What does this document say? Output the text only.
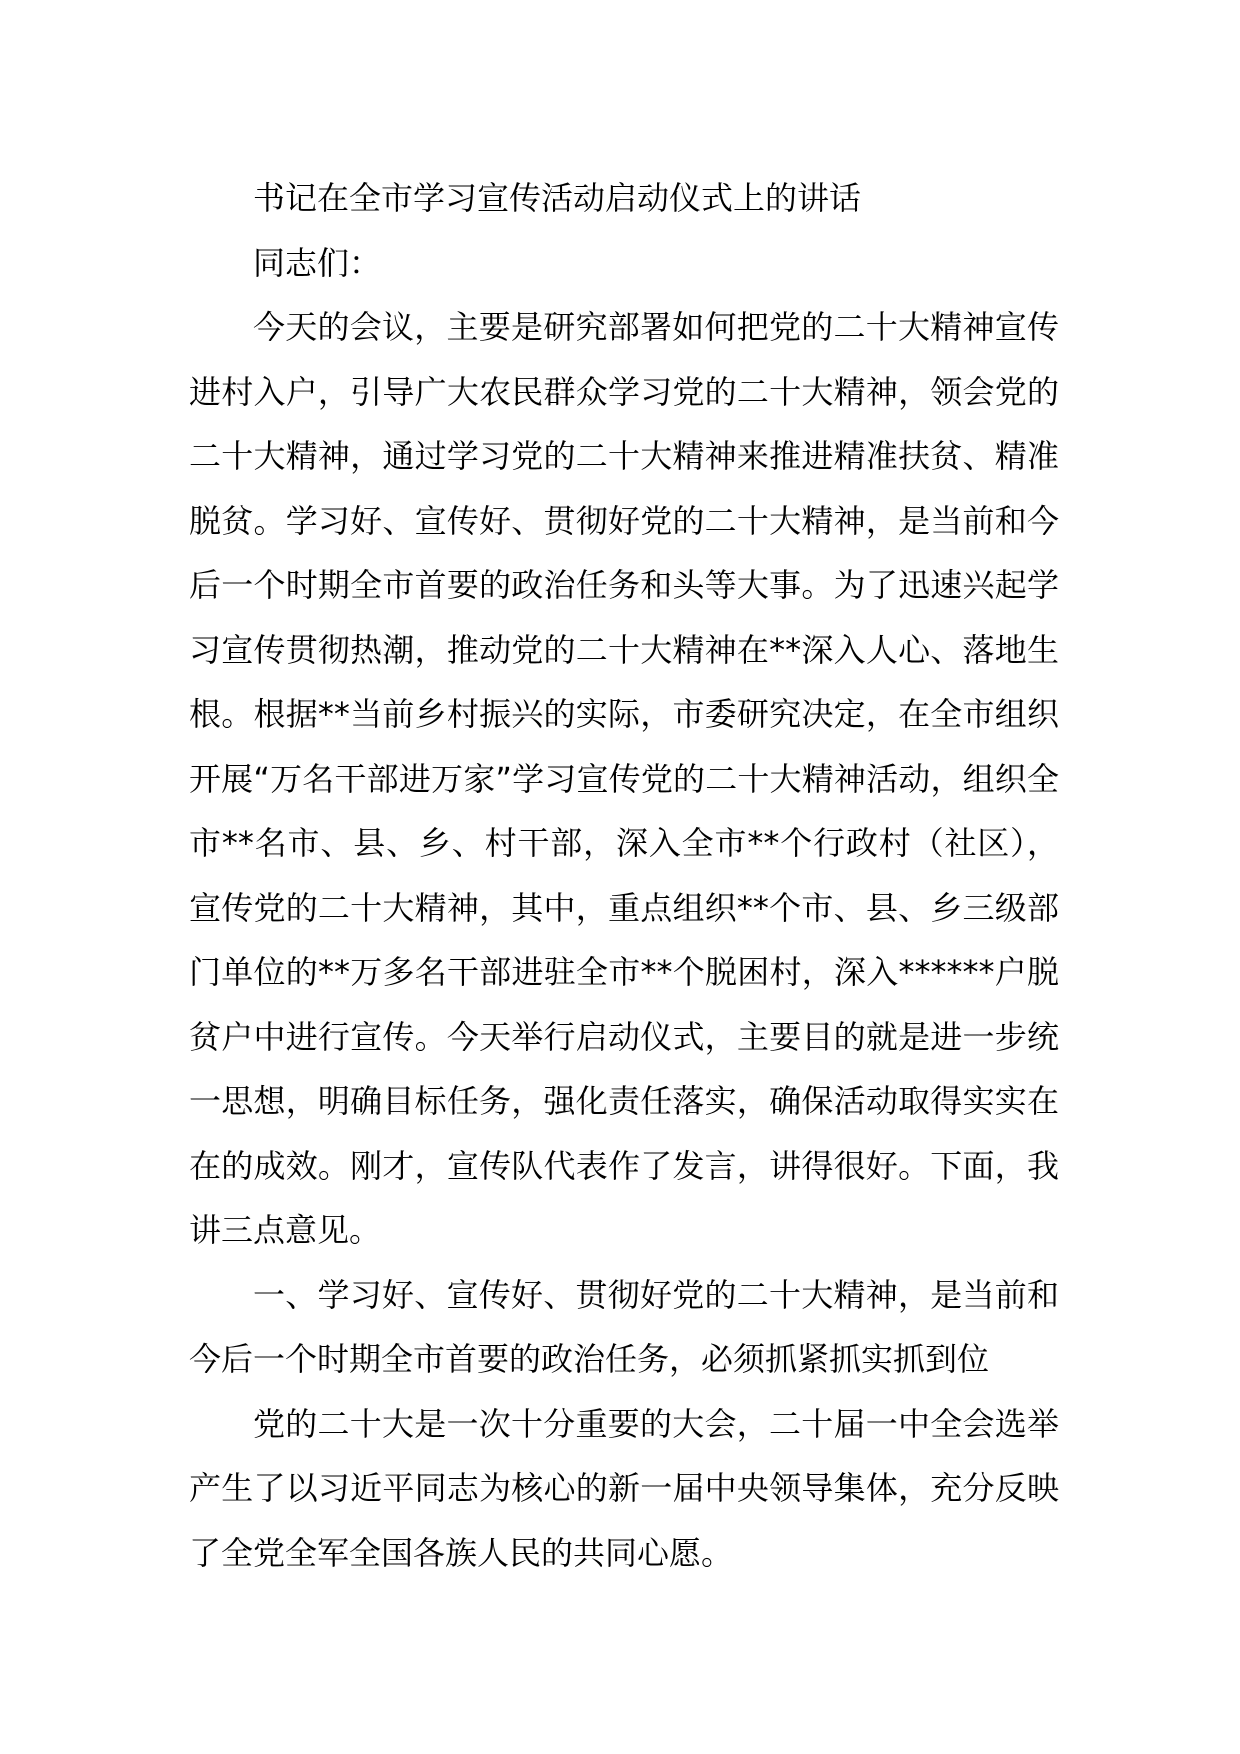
书记在全市学习宣传活动启动仪式上的讲话

同志们：

今天的会议，主要是研究部署如何把党的二十大精神宣传进村入户，引导广大农民群众学习党的二十大精神，领会党的二十大精神，通过学习党的二十大精神来推进精准扶贫、精准脱贫。学习好、宣传好、贯彻好党的二十大精神，是当前和今后一个时期全市首要的政治任务和头等大事。为了迅速兴起学习宣传贯彻热潮，推动党的二十大精神在**深入人心、落地生根。根据**当前乡村振兴的实际，市委研究决定，在全市组织开展“万名干部进万家”学习宣传党的二十大精神活动，组织全市**名市、县、乡、村干部，深入全市**个行政村（社区），宣传党的二十大精神，其中，重点组织**个市、县、乡三级部门单位的**万多名干部进驻全市**个脱困村，深入******户脱贫户中进行宣传。今天举行启动仪式，主要目的就是进一步统一思想，明确目标任务，强化责任落实，确保活动取得实实在在的成效。刚才，宣传队代表作了发言，讲得很好。下面，我讲三点意见。

一、学习好、宣传好、贯彻好党的二十大精神，是当前和今后一个时期全市首要的政治任务，必须抓紧抓实抓到位

党的二十大是一次十分重要的大会，二十届一中全会选举产生了以习近平同志为核心的新一届中央领导集体，充分反映了全党全军全国各族人民的共同心愿。
